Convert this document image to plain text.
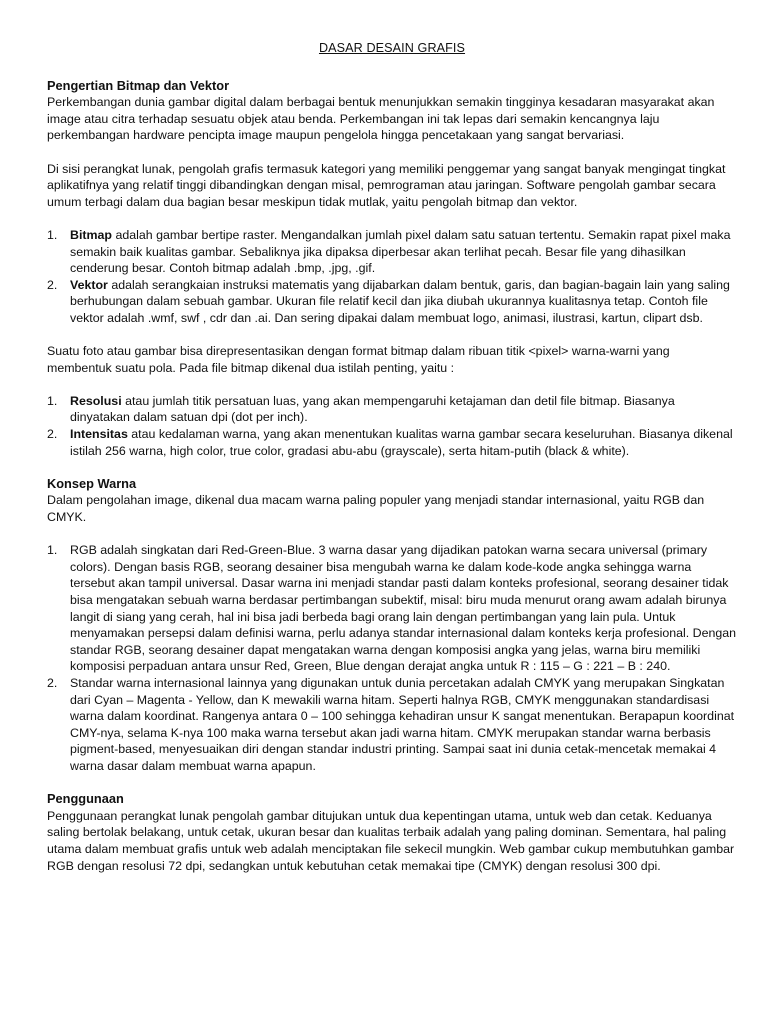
DASAR DESAIN GRAFIS
Pengertian Bitmap dan Vektor

Perkembangan dunia gambar digital dalam berbagai bentuk menunjukkan semakin tingginya kesadaran masyarakat akan image atau citra terhadap sesuatu objek atau benda. Perkembangan ini tak lepas dari semakin kencangnya laju perkembangan hardware pencipta image maupun pengelola hingga pencetakaan yang sangat bervariasi.

Di sisi perangkat lunak, pengolah grafis termasuk kategori yang memiliki penggemar yang sangat banyak mengingat tingkat aplikatifnya yang relatif tinggi dibandingkan dengan misal, pemrograman atau jaringan. Software pengolah gambar secara umum terbagi dalam dua bagian besar meskipun tidak mutlak, yaitu pengolah bitmap dan vektor.

1. Bitmap adalah gambar bertipe raster. Mengandalkan jumlah pixel dalam satu satuan tertentu. Semakin rapat pixel maka semakin baik kualitas gambar. Sebaliknya jika dipaksa diperbesar akan terlihat pecah. Besar file yang dihasilkan cenderung besar. Contoh bitmap adalah .bmp, .jpg, .gif.
2. Vektor adalah serangkaian instruksi matematis yang dijabarkan dalam bentuk, garis, dan bagian-bagain lain yang saling berhubungan dalam sebuah gambar. Ukuran file relatif kecil dan jika diubah ukurannya kualitasnya tetap. Contoh file vektor adalah .wmf, swf , cdr dan .ai. Dan sering dipakai dalam membuat logo, animasi, ilustrasi, kartun, clipart dsb.

Suatu foto atau gambar bisa direpresentasikan dengan format bitmap dalam ribuan titik <pixel> warna-warni yang membentuk suatu pola. Pada file bitmap dikenal dua istilah penting, yaitu :

1. Resolusi atau jumlah titik persatuan luas, yang akan mempengaruhi ketajaman dan detil file bitmap. Biasanya dinyatakan dalam satuan dpi (dot per inch).
2. Intensitas atau kedalaman warna, yang akan menentukan kualitas warna gambar secara keseluruhan. Biasanya dikenal istilah 256 warna, high color, true color, gradasi abu-abu (grayscale), serta hitam-putih (black & white).
Konsep Warna

Dalam pengolahan image, dikenal dua macam warna paling populer yang menjadi standar internasional, yaitu RGB dan CMYK.

1. RGB adalah singkatan dari Red-Green-Blue. 3 warna dasar yang dijadikan patokan warna secara universal (primary colors). Dengan basis RGB, seorang desainer bisa mengubah warna ke dalam kode-kode angka sehingga warna tersebut akan tampil universal. Dasar warna ini menjadi standar pasti dalam konteks profesional, seorang desainer tidak bisa mengatakan sebuah warna berdasar pertimbangan subektif, misal: biru muda menurut orang awam adalah birunya langit di siang yang cerah, hal ini bisa jadi berbeda bagi orang lain dengan pertimbangan yang lain pula. Untuk menyamakan persepsi dalam definisi warna, perlu adanya standar internasional dalam konteks kerja profesional. Dengan standar RGB, seorang desainer dapat mengatakan warna dengan komposisi angka yang jelas, warna biru memiliki komposisi perpaduan antara unsur Red, Green, Blue dengan derajat angka untuk R : 115 – G : 221 – B : 240.
2. Standar warna internasional lainnya yang digunakan untuk dunia percetakan adalah CMYK yang merupakan Singkatan dari Cyan – Magenta - Yellow, dan K mewakili warna hitam. Seperti halnya RGB, CMYK menggunakan standardisasi warna dalam koordinat. Rangenya antara 0 – 100 sehingga kehadiran unsur K sangat menentukan. Berapapun koordinat CMY-nya, selama K-nya 100 maka warna tersebut akan jadi warna hitam. CMYK merupakan standar warna berbasis pigment-based, menyesuaikan diri dengan standar industri printing. Sampai saat ini dunia cetak-mencetak memakai 4 warna dasar dalam membuat warna apapun.
Penggunaan

Penggunaan perangkat lunak pengolah gambar ditujukan untuk dua kepentingan utama, untuk web dan cetak. Keduanya saling bertolak belakang, untuk cetak, ukuran besar dan kualitas terbaik adalah yang paling dominan. Sementara, hal paling utama dalam membuat grafis untuk web adalah menciptakan file sekecil mungkin. Web gambar cukup membutuhkan gambar RGB dengan resolusi 72 dpi, sedangkan untuk kebutuhan cetak memakai tipe (CMYK) dengan resolusi 300 dpi.
